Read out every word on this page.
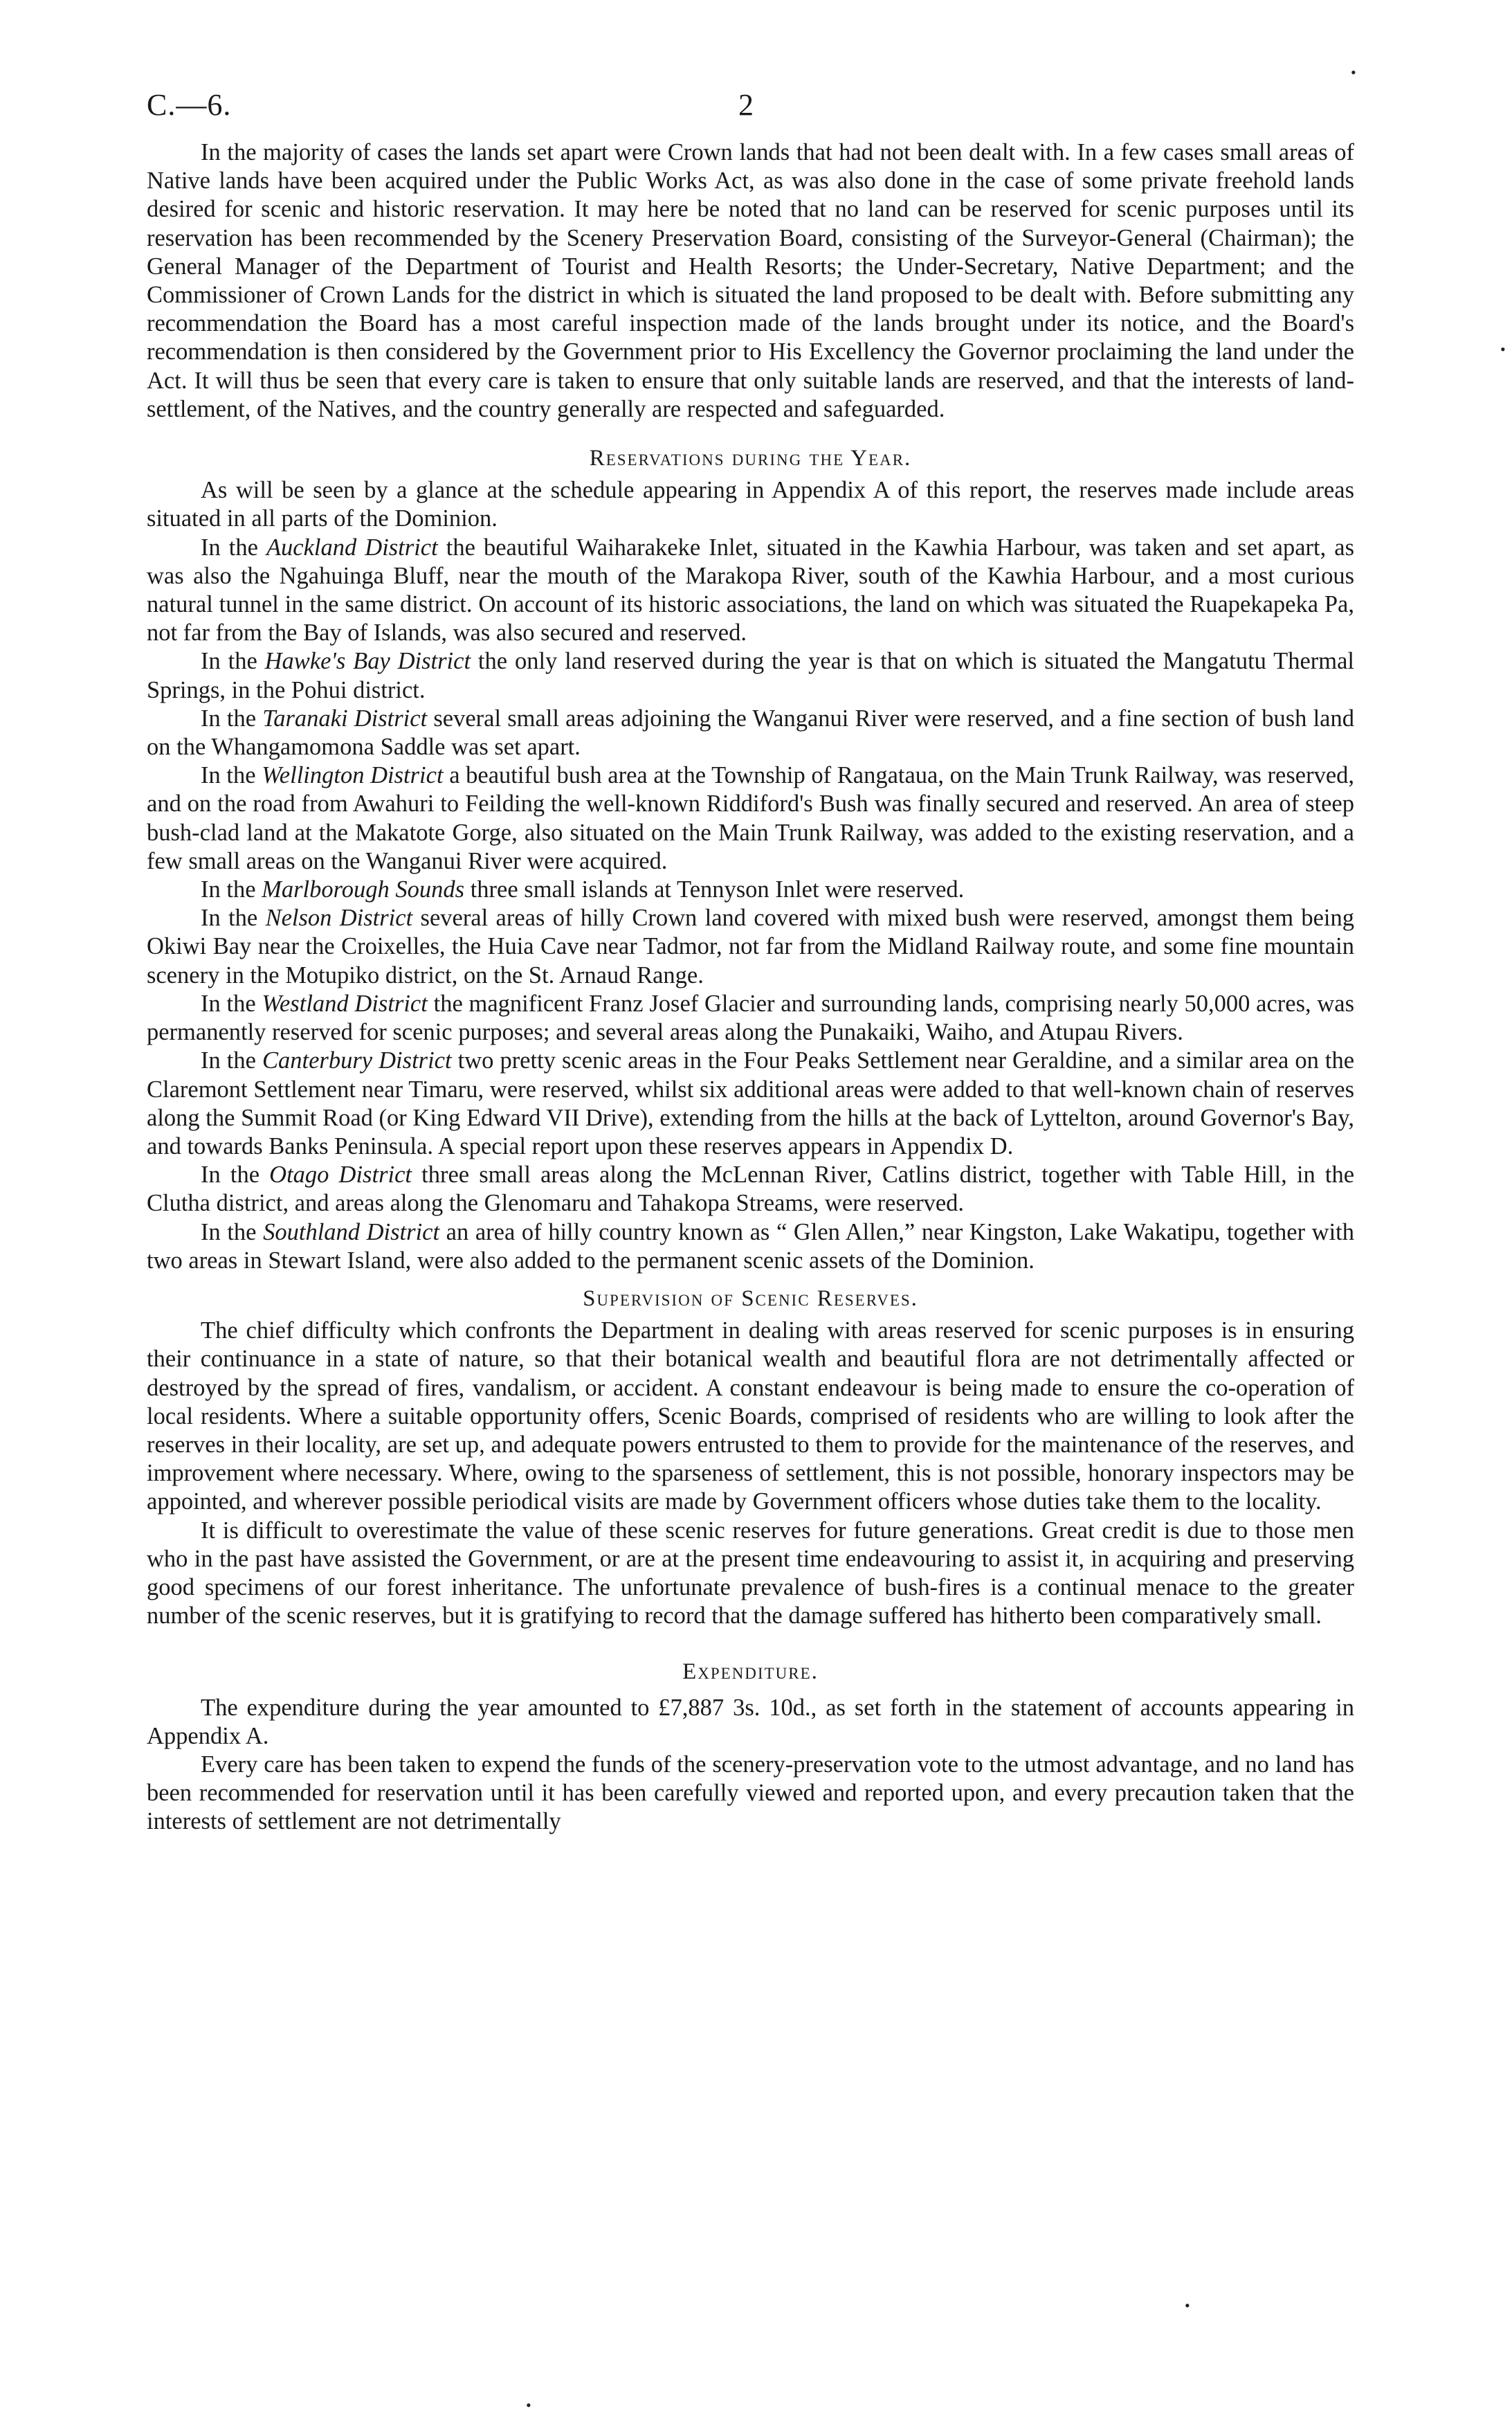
C.—6.	2

In the majority of cases the lands set apart were Crown lands that had not been dealt with. In a few cases small areas of Native lands have been acquired under the Public Works Act, as was also done in the case of some private freehold lands desired for scenic and historic reservation. It may here be noted that no land can be reserved for scenic purposes until its reservation has been recommended by the Scenery Preservation Board, consisting of the Surveyor-General (Chairman); the General Manager of the Department of Tourist and Health Resorts; the Under-Secretary, Native Department; and the Commissioner of Crown Lands for the district in which is situated the land proposed to be dealt with. Before submitting any recommendation the Board has a most careful inspection made of the lands brought under its notice, and the Board's recommendation is then considered by the Government prior to His Excellency the Governor proclaiming the land under the Act. It will thus be seen that every care is taken to ensure that only suitable lands are reserved, and that the interests of land-settlement, of the Natives, and the country generally are respected and safeguarded.

Reservations during the Year.

As will be seen by a glance at the schedule appearing in Appendix A of this report, the reserves made include areas situated in all parts of the Dominion.

In the Auckland District the beautiful Waiharakeke Inlet, situated in the Kawhia Harbour, was taken and set apart, as was also the Ngahuinga Bluff, near the mouth of the Marakopa River, south of the Kawhia Harbour, and a most curious natural tunnel in the same district. On account of its historic associations, the land on which was situated the Ruapekapeka Pa, not far from the Bay of Islands, was also secured and reserved.

In the Hawke's Bay District the only land reserved during the year is that on which is situated the Mangatutu Thermal Springs, in the Pohui district.

In the Taranaki District several small areas adjoining the Wanganui River were reserved, and a fine section of bush land on the Whangamomona Saddle was set apart.

In the Wellington District a beautiful bush area at the Township of Rangataua, on the Main Trunk Railway, was reserved, and on the road from Awahuri to Feilding the well-known Riddiford's Bush was finally secured and reserved. An area of steep bush-clad land at the Makatote Gorge, also situated on the Main Trunk Railway, was added to the existing reservation, and a few small areas on the Wanganui River were acquired.

In the Marlborough Sounds three small islands at Tennyson Inlet were reserved.

In the Nelson District several areas of hilly Crown land covered with mixed bush were reserved, amongst them being Okiwi Bay near the Croixelles, the Huia Cave near Tadmor, not far from the Midland Railway route, and some fine mountain scenery in the Motupiko district, on the St. Arnaud Range.

In the Westland District the magnificent Franz Josef Glacier and surrounding lands, comprising nearly 50,000 acres, was permanently reserved for scenic purposes; and several areas along the Punakaiki, Waiho, and Atupau Rivers.

In the Canterbury District two pretty scenic areas in the Four Peaks Settlement near Geraldine, and a similar area on the Claremont Settlement near Timaru, were reserved, whilst six additional areas were added to that well-known chain of reserves along the Summit Road (or King Edward VII Drive), extending from the hills at the back of Lyttelton, around Governor's Bay, and towards Banks Peninsula. A special report upon these reserves appears in Appendix D.

In the Otago District three small areas along the McLennan River, Catlins district, together with Table Hill, in the Clutha district, and areas along the Glenomaru and Tahakopa Streams, were reserved.

In the Southland District an area of hilly country known as “ Glen Allen,” near Kingston, Lake Wakatipu, together with two areas in Stewart Island, were also added to the permanent scenic assets of the Dominion.

Supervision of Scenic Reserves.

The chief difficulty which confronts the Department in dealing with areas reserved for scenic purposes is in ensuring their continuance in a state of nature, so that their botanical wealth and beautiful flora are not detrimentally affected or destroyed by the spread of fires, vandalism, or accident. A constant endeavour is being made to ensure the co-operation of local residents. Where a suitable opportunity offers, Scenic Boards, comprised of residents who are willing to look after the reserves in their locality, are set up, and adequate powers entrusted to them to provide for the maintenance of the reserves, and improvement where necessary. Where, owing to the sparseness of settlement, this is not possible, honorary inspectors may be appointed, and wherever possible periodical visits are made by Government officers whose duties take them to the locality.

It is difficult to overestimate the value of these scenic reserves for future generations. Great credit is due to those men who in the past have assisted the Government, or are at the present time endeavouring to assist it, in acquiring and preserving good specimens of our forest inheritance. The unfortunate prevalence of bush-fires is a continual menace to the greater number of the scenic reserves, but it is gratifying to record that the damage suffered has hitherto been comparatively small.

Expenditure.

The expenditure during the year amounted to £7,887 3s. 10d., as set forth in the statement of accounts appearing in Appendix A.

Every care has been taken to expend the funds of the scenery-preservation vote to the utmost advantage, and no land has been recommended for reservation until it has been carefully viewed and reported upon, and every precaution taken that the interests of settlement are not detrimentally

•
•
•
•
